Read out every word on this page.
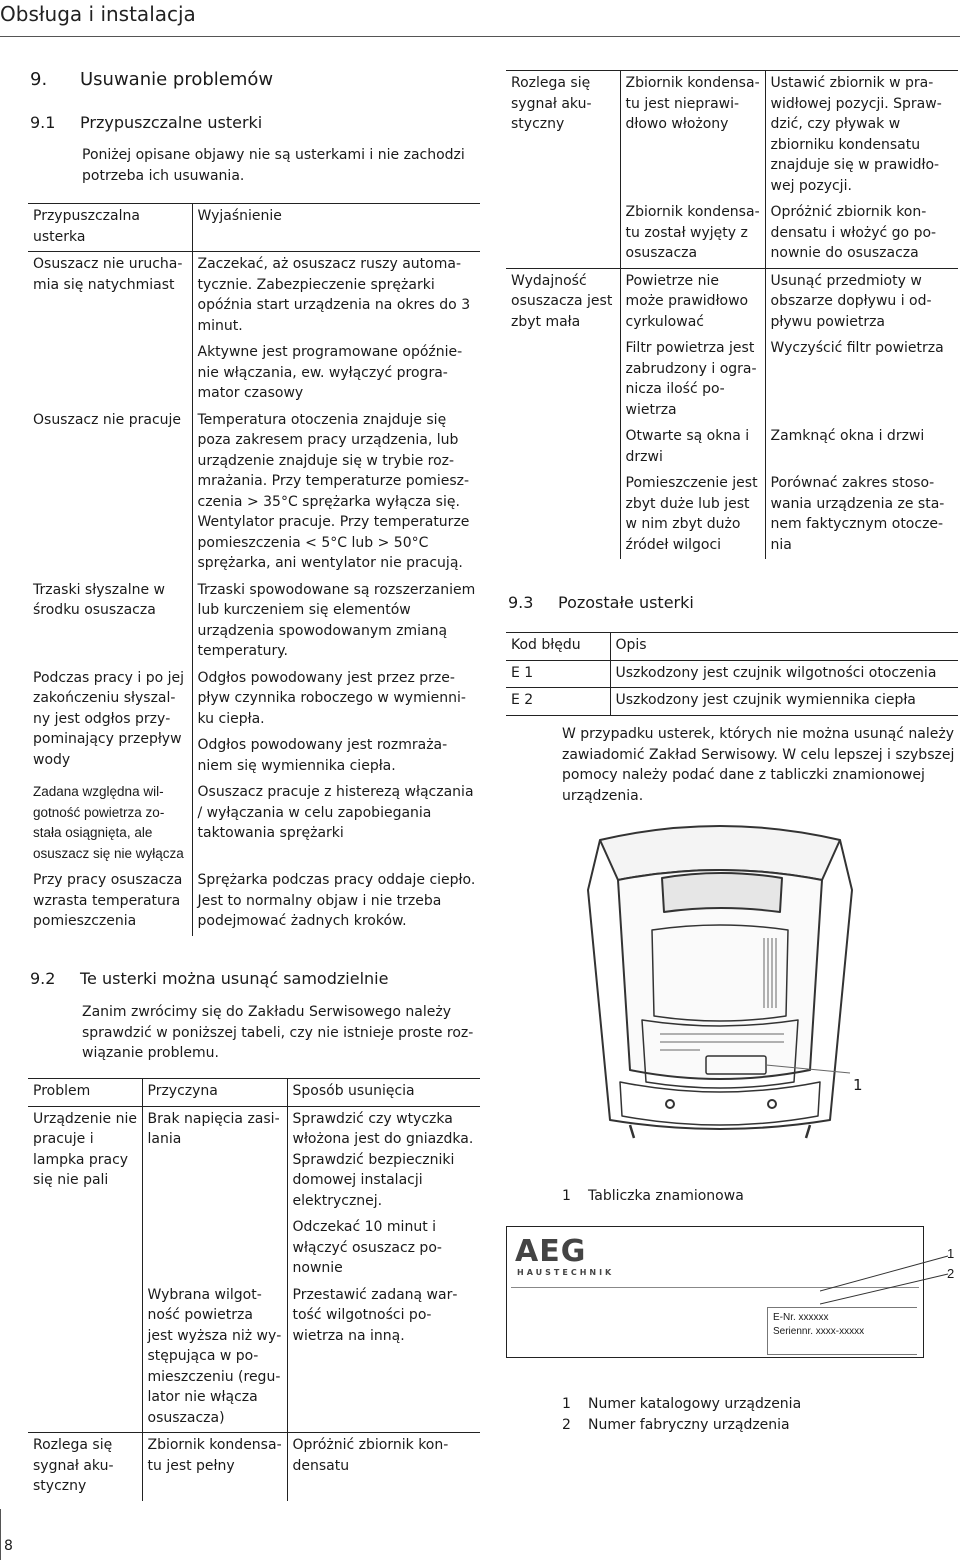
Obsługa i instalacja
9. Usuwanie problemów
9.1 Przypuszczalne usterki
Poniżej opisane objawy nie są usterkami i nie zachodzi potrzeba ich usuwania.
Przypuszczalna usterka	Wyjaśnienie
Osuszacz nie uruchamia się natychmiast	Zaczekać, aż osuszacz ruszy automatycznie. Zabezpieczenie sprężarki opóźnia start urządzenia na okres do 3 minut.
	Aktywne jest programowane opóźnienie włączania, ew. wyłączyć programator czasowy
Osuszacz nie pracuje	Temperatura otoczenia znajduje się poza zakresem pracy urządzenia, lub urządzenie znajduje się w trybie rozmrażania. Przy temperaturze pomieszczenia > 35°C sprężarka wyłącza się. Wentylator pracuje. Przy temperaturze pomieszczenia < 5°C lub > 50°C sprężarka, ani wentylator nie pracują.
Trzaski słyszalne w środku osuszacza	Trzaski spowodowane są rozszerzaniem lub kurczeniem się elementów urządzenia spowodowanym zmianą temperatury.
Podczas pracy i po jej zakończeniu słyszalny jest odgłos przypominający przepływ wody	Odgłos powodowany jest przez przepływ czynnika roboczego w wymienniku ciepła.
	Odgłos powodowany jest rozmrażaniem się wymiennika ciepła.
Zadana względna wilgotność powietrza została osiągnięta, ale osuszacz się nie wyłącza	Osuszacz pracuje z histerezą włączania / wyłączania w celu zapobiegania taktowania sprężarki
Przy pracy osuszacza wzrasta temperatura pomieszczenia	Sprężarka podczas pracy oddaje ciepło. Jest to normalny objaw i nie trzeba podejmować żadnych kroków.
9.2 Te usterki można usunąć samodzielnie
Zanim zwrócimy się do Zakładu Serwisowego należy sprawdzić w poniższej tabeli, czy nie istnieje proste rozwiązanie problemu.
Problem	Przyczyna	Sposób usunięcia
Urządzenie nie pracuje i lampka pracy się nie pali	Brak napięcia zasilania	Sprawdzić czy wtyczka włożona jest do gniazdka. Sprawdzić bezpieczniki domowej instalacji elektrycznej.
		Odczekać 10 minut i włączyć osuszacz ponownie
	Wybrana wilgotność powietrza jest wyższa niż występująca w pomieszczeniu (regulator nie włącza osuszacza)	Przestawić zadaną wartość wilgotności powietrza na inną.
Rozlega się sygnał akustyczny	Zbiornik kondensatu jest pełny	Opróżnić zbiornik kondensatu
Rozlega się sygnał akustyczny	Zbiornik kondensatu jest nieprawidłowo włożony	Ustawić zbiornik w prawidłowej pozycji. Sprawdzić, czy pływak w zbiorniku kondensatu znajduje się w prawidłowej pozycji.
	Zbiornik kondensatu został wyjęty z osuszacza	Opróżnić zbiornik kondensatu i włożyć go ponownie do osuszacza
Wydajność osuszacza jest zbyt mała	Powietrze nie może prawidłowo cyrkulować	Usunąć przedmioty w obszarze dopływu i odpływu powietrza
	Filtr powietrza jest zabrudzony i ogranicza ilość powietrza	Wyczyścić filtr powietrza
	Otwarte są okna i drzwi	Zamknąć okna i drzwi
	Pomieszczenie jest zbyt duże lub jest w nim zbyt dużo źródeł wilgoci	Porównać zakres stosowania urządzenia ze stanem faktycznym otoczenia
9.3 Pozostałe usterki
Kod błędu	Opis
E 1	Uszkodzony jest czujnik wilgotności otoczenia
E 2	Uszkodzony jest czujnik wymiennika ciepła
W przypadku usterek, których nie można usunąć należy zawiadomić Zakład Serwisowy. W celu lepszej i szybszej pomocy należy podać dane z tabliczki znamionowej urządzenia.
1
1	Tabliczka znamionowa
AEG
HAUSTECHNIK
E-Nr. xxxxxx
Seriennr. xxxx-xxxxx
1
2
1	Numer katalogowy urządzenia
2	Numer fabryczny urządzenia
8
